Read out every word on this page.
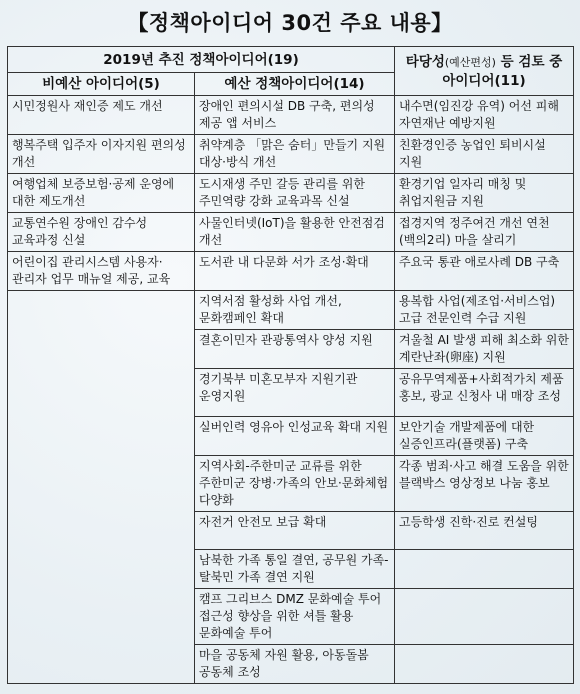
【정책아이디어 30건 주요 내용】
2019년 추진 정책아이디어(19)		타당성(예산편성) 등 검토 중 아이디어(11)
비예산 아이디어(5)	예산 정책아이디어(14)	
시민정원사 재인증 제도 개선	장애인 편의시설 DB 구축, 편의성 제공 앱 서비스	내수면(임진강 유역) 어선 피해 자연재난 예방지원
행복주택 입주자 이자지원 편의성 개선	취약계층 「맑은 숨터」만들기 지원 대상·방식 개선	친환경인증 농업인 퇴비시설 지원
여행업체 보증보험·공제 운영에 대한 제도개선	도시재생 주민 갈등 관리를 위한 주민역량 강화 교육과목 신설	환경기업 일자리 매칭 및 취업지원금 지원
교통연수원 장애인 감수성 교육과정 신설	사물인터넷(IoT)을 활용한 안전점검 개선	접경지역 정주여건 개선 연천(백의2리) 마을 살리기
어린이집 관리시스템 사용자·관리자 업무 매뉴얼 제공, 교육	도서관 내 다문화 서가 조성·확대	주요국 통관 애로사례 DB 구축
	지역서점 활성화 사업 개선, 문화캠페인 확대	용복합 사업(제조업·서비스업) 고급 전문인력 수급 지원
	결혼이민자 관광통역사 양성 지원	겨울철 AI 발생 피해 최소화 위한 계란난좌(卵座) 지원
	경기북부 미혼모부자 지원기관 운영지원	공유무역제품+사회적가치 제품 홍보, 광교 신청사 내 매장 조성
	실버인력 영유아 인성교육 확대 지원	보안기술 개발제품에 대한 실증인프라(플랫폼) 구축
	지역사회-주한미군 교류를 위한 주한미군 장병·가족의 안보·문화체험 다양화	각종 범죄·사고 해결 도움을 위한 블랙박스 영상정보 나눔 홍보
	자전거 안전모 보급 확대	고등학생 진학·진로 컨설팅
	남북한 가족 통일 결연, 공무원 가족-탈북민 가족 결연 지원	
	캠프 그리브스 DMZ 문화예술 투어 접근성 향상을 위한 셔틀 활용 문화예술 투어	
	마을 공동체 자원 활용, 아동돌봄 공동체 조성	
